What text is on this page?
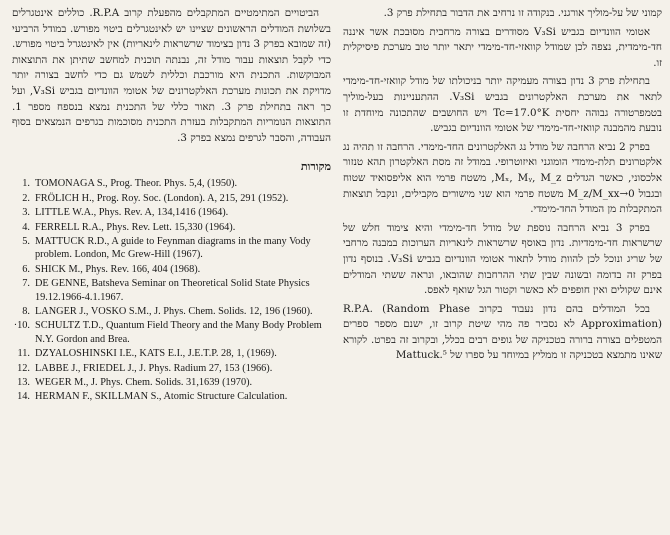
קמוני של על-מוליך אורגני. בנקודה זו נרחיב את הדבור בתחילת פרק 3.

אטומי הוונדיום בגביש V₃Si מסודרים בצורה מרחבית מסוּבכת אשר איננה חד-מימדית, נצפה לכן שמודל קוואזי-חד-מימדי יתאר יותר טוב מערכת פיסיקלית זו.

בתחילת פרק 3 נדון בצורה מעמיקה יותר בניכולתו של מודל קוואזי-חד-מימדי לתאר את מערכת האלקטרונים בגביש V₃Si. ההתעניינות בעל-מוליך בטמפרטורה גבוהה יחסית Tc=17.0°K ויש החושבים שהתכונה מיוחדת זו נובעת מהמבנה קוואזי-חד-מימדי של אטומי הוונדיום בגביש.

בפרק 2 נביא הרחבה של מודל נג האלקטרונים החד-מימדי. הרחבה זו תהיה נג אלקטרונים תלת-מימדי הומוגני ואיזוטרופי. במודל זה מסת האלקטרון תהא טנזור אלכסוני, כאשר הגדלים Mₓ, Mᵧ, M_z, משטח פרמי הוא אליפסואיד שטוח ובגבול M_z/M_xx→0 משטח פרמי הוא שני מישורים מקבילים, ונקבל תוצאות המתקבלות מן המודל החד-מימדי.

בפרק 3 נביא הרחבה נוספת של מודל חד-מימדי והיא צימוד חלש של שרשראות חד-מימדיות. נדון באוסף שרשראות לינאריות הערוכות במבנה מרחבי של שריג ונוכל לכן להוות מודל לתאור אטומי הוונדיום בגביש V₃Si. בנוסף נדון בפרק זה בדומה ובשונה שבין שתי ההרחבות שהובאו, ונראה ששתי המודלים אינם שקולים ואין חופפים לא כאשר וקטור הגל שואף לאפס.

בכל המודלים בהם נדון נעבוד בקרוב R.P.A. (Random Phase Approximation) לא נסביר פה מהי שיטת קרוב זו, ישנם מספר ספרים המטפלים בצורה ברורה בטכניקה של גופים רבים בכלל, ובקרוב זה בפרט. לקורא שאינו מתמצא בטכניקה זו ממליץ במיוחד על ספרו של Mattuck.⁵

הביטויים המתימטיים המתקבלים מהפעלת קרוב R.P.A. כוללים אינטגרלים בשלושת המודלים הראשונים שציינו יש לאינטגרלים ביטוי מפורש. במודל הרביעי (זה שמובא בפרק 3 נדון בצימוד שרשראות לינאריות) אין לאינטגרל ביטוי מפורש. כדי לקבל תוצאות עבור מודל זה, נבנתה תוכנית למחשב שתיתן את התוצאות המבוקשות. התכנית היא מורכבת וכללית לשמש גם כדי לחשב בצורה יותר מדויקת את תכונות מערכת האלקטרונים של אטומי הוונדיום בגביש V₃Si, ועל כך ראה בתחילת פרק 3. תאור כללי של התכנית נמצא בנספח מספר 1. התוצאות הנומריות המתקבלות בעזרת התכנית מסוכמות בגרפים הנמצאים בסוף העבודה, והסבר לגרפים נמצא בפרק 3.
מקורות
1. TOMONAGA S., Prog. Theor. Phys. 5,4, (1950).
2. FRÖLICH H., Prog. Roy. Soc. (London). A, 215, 291 (1952).
3. LITTLE W.A., Phys. Rev. A, 134,1416 (1964).
4. FERRELL R.A., Phys. Rev. Lett. 15,330 (1964).
5. MATTUCK R.D., A guide to Feynman diagrams in the many Vody problem. London, Mc Grew-Hill (1967).
6. SHICK M., Phys. Rev. 166, 404 (1968).
7. DE GENNE, Batsheva Seminar on Theoretical Solid State Physics 19.12.1966-4.1.1967.
8. LANGER J., VOSKO S.M., J. Phys. Chem. Solids. 12, 196 (1960).
·10. SCHULTZ T.D., Quantum Field Theory and the Many Body Problem N.Y. Gordon and Brea.
11. DZYALOSHINSKI I.E., KATS E.I., J.E.T.P. 28, 1, (1969).
12. LABBE J., FRIEDEL J., J. Phys. Radium 27, 153 (1966).
13. WEGER M., J. Phys. Chem. Solids. 31,1639 (1970).
14. HERMAN F., SKILLMAN S., Atomic Structure Calculation.
